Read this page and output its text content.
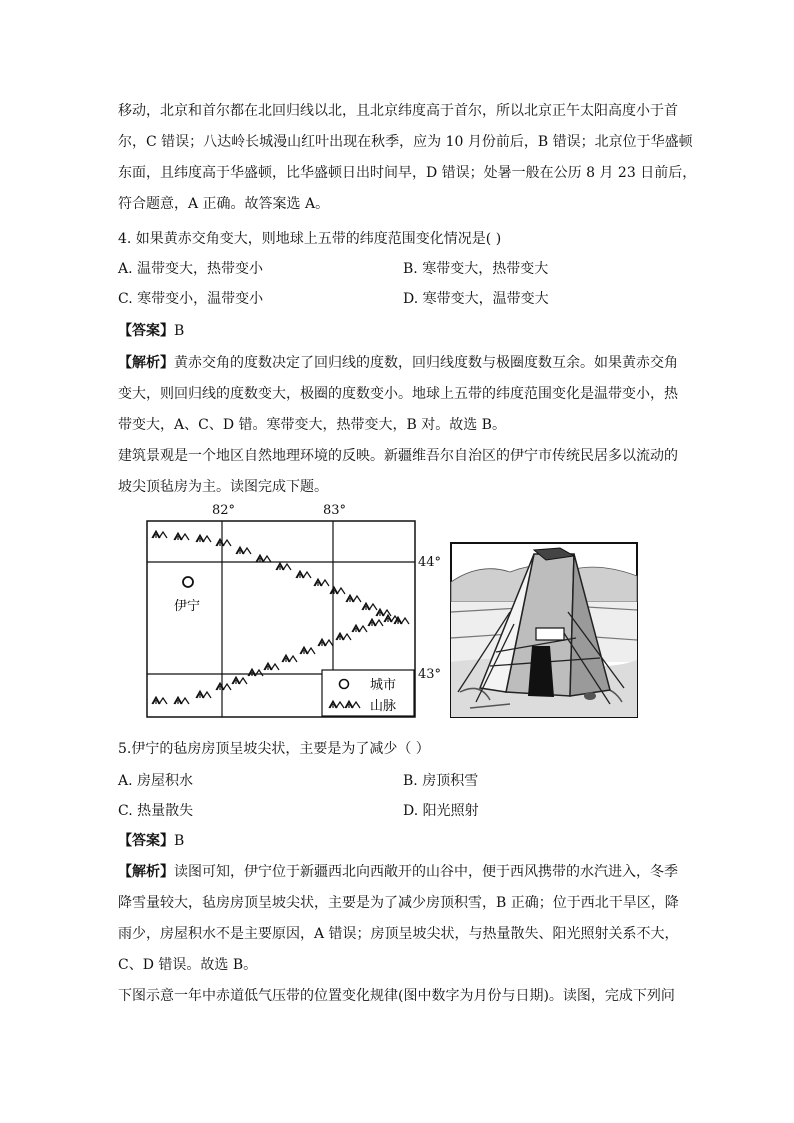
移动，北京和首尔都在北回归线以北，且北京纬度高于首尔，所以北京正午太阳高度小于首
尔，C 错误；八达岭长城漫山红叶出现在秋季，应为 10 月份前后，B 错误；北京位于华盛顿
东面，且纬度高于华盛顿，比华盛顿日出时间早，D 错误；处暑一般在公历 8 月 23 日前后，
符合题意，A 正确。故答案选 A。
4. 如果黄赤交角变大，则地球上五带的纬度范围变化情况是( )
A. 温带变大，热带变小	B. 寒带变大，热带变大
C. 寒带变小，温带变小	D. 寒带变大，温带变大
【答案】B
【解析】黄赤交角的度数决定了回归线的度数，回归线度数与极圈度数互余。如果黄赤交角
变大，则回归线的度数变大，极圈的度数变小。地球上五带的纬度范围变化是温带变小，热
带变大，A、C、D 错。寒带变大，热带变大，B 对。故选 B。
建筑景观是一个地区自然地理环境的反映。新疆维吾尔自治区的伊宁市传统民居多以流动的
坡尖顶毡房为主。读图完成下题。
伊宁
城市
山脉
82°	83°
44°
43°
5.伊宁的毡房房顶呈坡尖状，主要是为了减少（ ）
A. 房屋积水	B. 房顶积雪
C. 热量散失	D. 阳光照射
【答案】B
【解析】读图可知，伊宁位于新疆西北向西敞开的山谷中，便于西风携带的水汽进入，冬季
降雪量较大，毡房房顶呈坡尖状，主要是为了减少房顶积雪，B 正确；位于西北干旱区，降
雨少，房屋积水不是主要原因，A 错误；房顶呈坡尖状，与热量散失、阳光照射关系不大，
C、D 错误。故选 B。
下图示意一年中赤道低气压带的位置变化规律(图中数字为月份与日期)。读图，完成下列问
